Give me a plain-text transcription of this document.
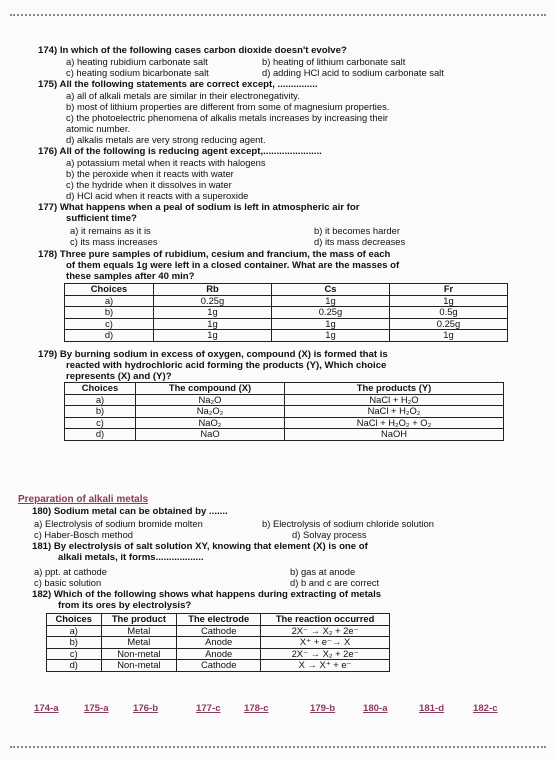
174) In which of the following cases carbon dioxide doesn't evolve?
a) heating rubidium carbonate salt	b) heating of lithium carbonate salt
c) heating sodium bicarbonate salt	d) adding HCl acid to sodium carbonate salt
175) All the following statements are correct except, ...............
a) all of alkali metals are similar in their electronegativity.
b) most of lithium properties are different from some of magnesium properties.
c) the photoelectric phenomena of alkalis metals increases by increasing their
atomic number.
d) alkalis metals are very strong reducing agent.
176) All of the following is reducing agent except,......................
a) potassium metal when it reacts with halogens
b) the peroxide when it reacts with water
c) the hydride when it dissolves in water
d) HCl acid when it reacts with a superoxide
177) What happens when a peal of sodium is left in atmospheric air for
sufficient time?
a) it remains as it is	b) it becomes harder
c) its mass increases	d) its mass decreases
178) Three pure samples of rubidium, cesium and francium, the mass of each
of them equals 1g were left in a closed container. What are the masses of
these samples after 40 min?
Choices	Rb	Cs	Fr
a)	0.25g	1g	1g
b)	1g	0.25g	0.5g
c)	1g	1g	0.25g
d)	1g	1g	1g
179) By burning sodium in excess of oxygen, compound (X) is formed that is
reacted with hydrochloric acid forming the products (Y), Which choice
represents (X) and (Y)?
Choices	The compound (X)	The products (Y)
a)	Na₂O	NaCl + H₂O
b)	Na₂O₂	NaCl + H₂O₂
c)	NaO₂	NaCl + H₂O₂ + O₂
d)	NaO	NaOH
Preparation of alkali metals
180) Sodium metal can be obtained by .......
a) Electrolysis of sodium bromide molten	b) Electrolysis of sodium chloride solution
c) Haber-Bosch method	d) Solvay process
181) By electrolysis of salt solution XY, knowing that element (X) is one of
alkali metals, it forms..................
a) ppt. at cathode	b) gas at anode
c) basic solution	d) b and c are correct
182) Which of the following shows what happens during extracting of metals
from its ores by electrolysis?
Choices	The product	The electrode	The reaction occurred
a)	Metal	Cathode	2X⁻ → X₂ + 2e⁻
b)	Metal	Anode	X⁺ + e⁻→ X
c)	Non-metal	Anode	2X⁻ → X₂ + 2e⁻
d)	Non-metal	Cathode	X → X⁺ + e⁻
174-a	175-a	176-b	177-c 178-c	179-b	180-a	181-d	182-c
